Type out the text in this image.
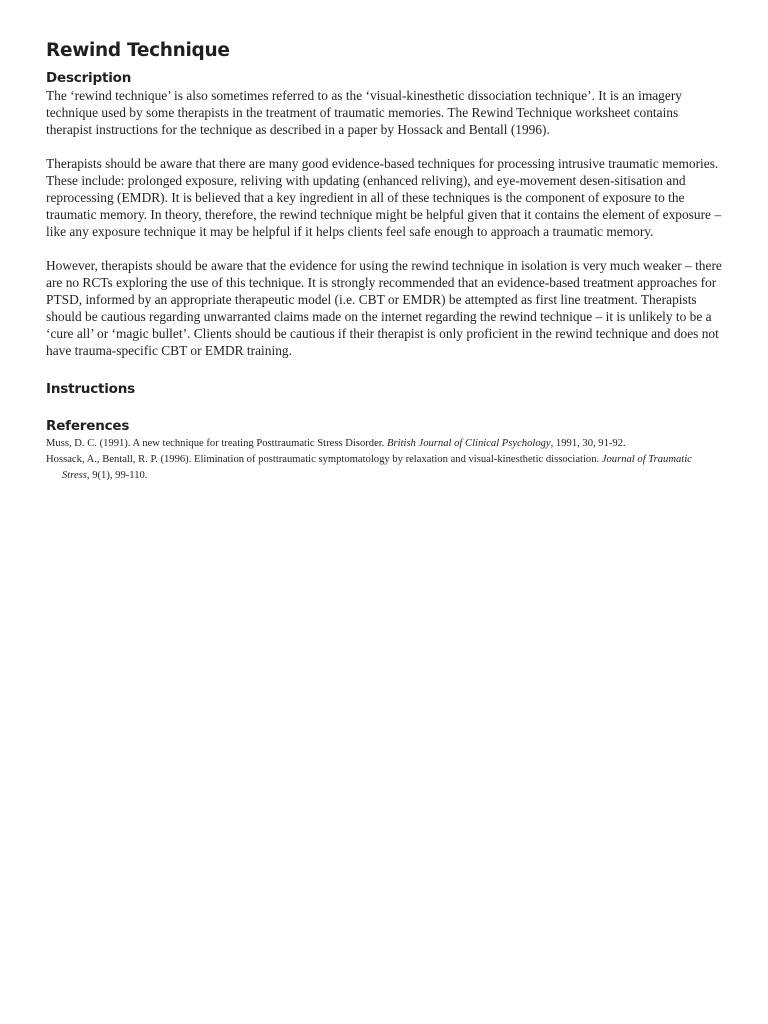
Rewind Technique
Description

The ‘rewind technique’ is also sometimes referred to as the ‘visual-kinesthetic dissociation technique’. It is an imagery technique used by some therapists in the treatment of traumatic memories. The Rewind Technique worksheet contains therapist instructions for the technique as described in a paper by Hossack and Bentall (1996).

Therapists should be aware that there are many good evidence-based techniques for processing intrusive traumatic memories. These include: prolonged exposure, reliving with updating (enhanced reliving), and eye-movement desen-sitisation and reprocessing (EMDR). It is believed that a key ingredient in all of these techniques is the component of exposure to the traumatic memory. In theory, therefore, the rewind technique might be helpful given that it contains the element of exposure – like any exposure technique it may be helpful if it helps clients feel safe enough to approach a traumatic memory.

However, therapists should be aware that the evidence for using the rewind technique in isolation is very much weaker – there are no RCTs exploring the use of this technique. It is strongly recommended that an evidence-based treatment approaches for PTSD, informed by an appropriate therapeutic model (i.e. CBT or EMDR) be attempted as first line treatment. Therapists should be cautious regarding unwarranted claims made on the internet regarding the rewind technique – it is unlikely to be a ‘cure all’ or ‘magic bullet’. Clients should be cautious if their therapist is only proficient in the rewind technique and does not have trauma-specific CBT or EMDR training.

Instructions
References

Muss, D. C. (1991). A new technique for treating Posttraumatic Stress Disorder. British Journal of Clinical Psychology, 1991, 30, 91-92.

Hossack, A., Bentall, R. P. (1996). Elimination of posttraumatic symptomatology by relaxation and visual-kinesthetic dissociation. Journal of Traumatic Stress, 9(1), 99-110.
